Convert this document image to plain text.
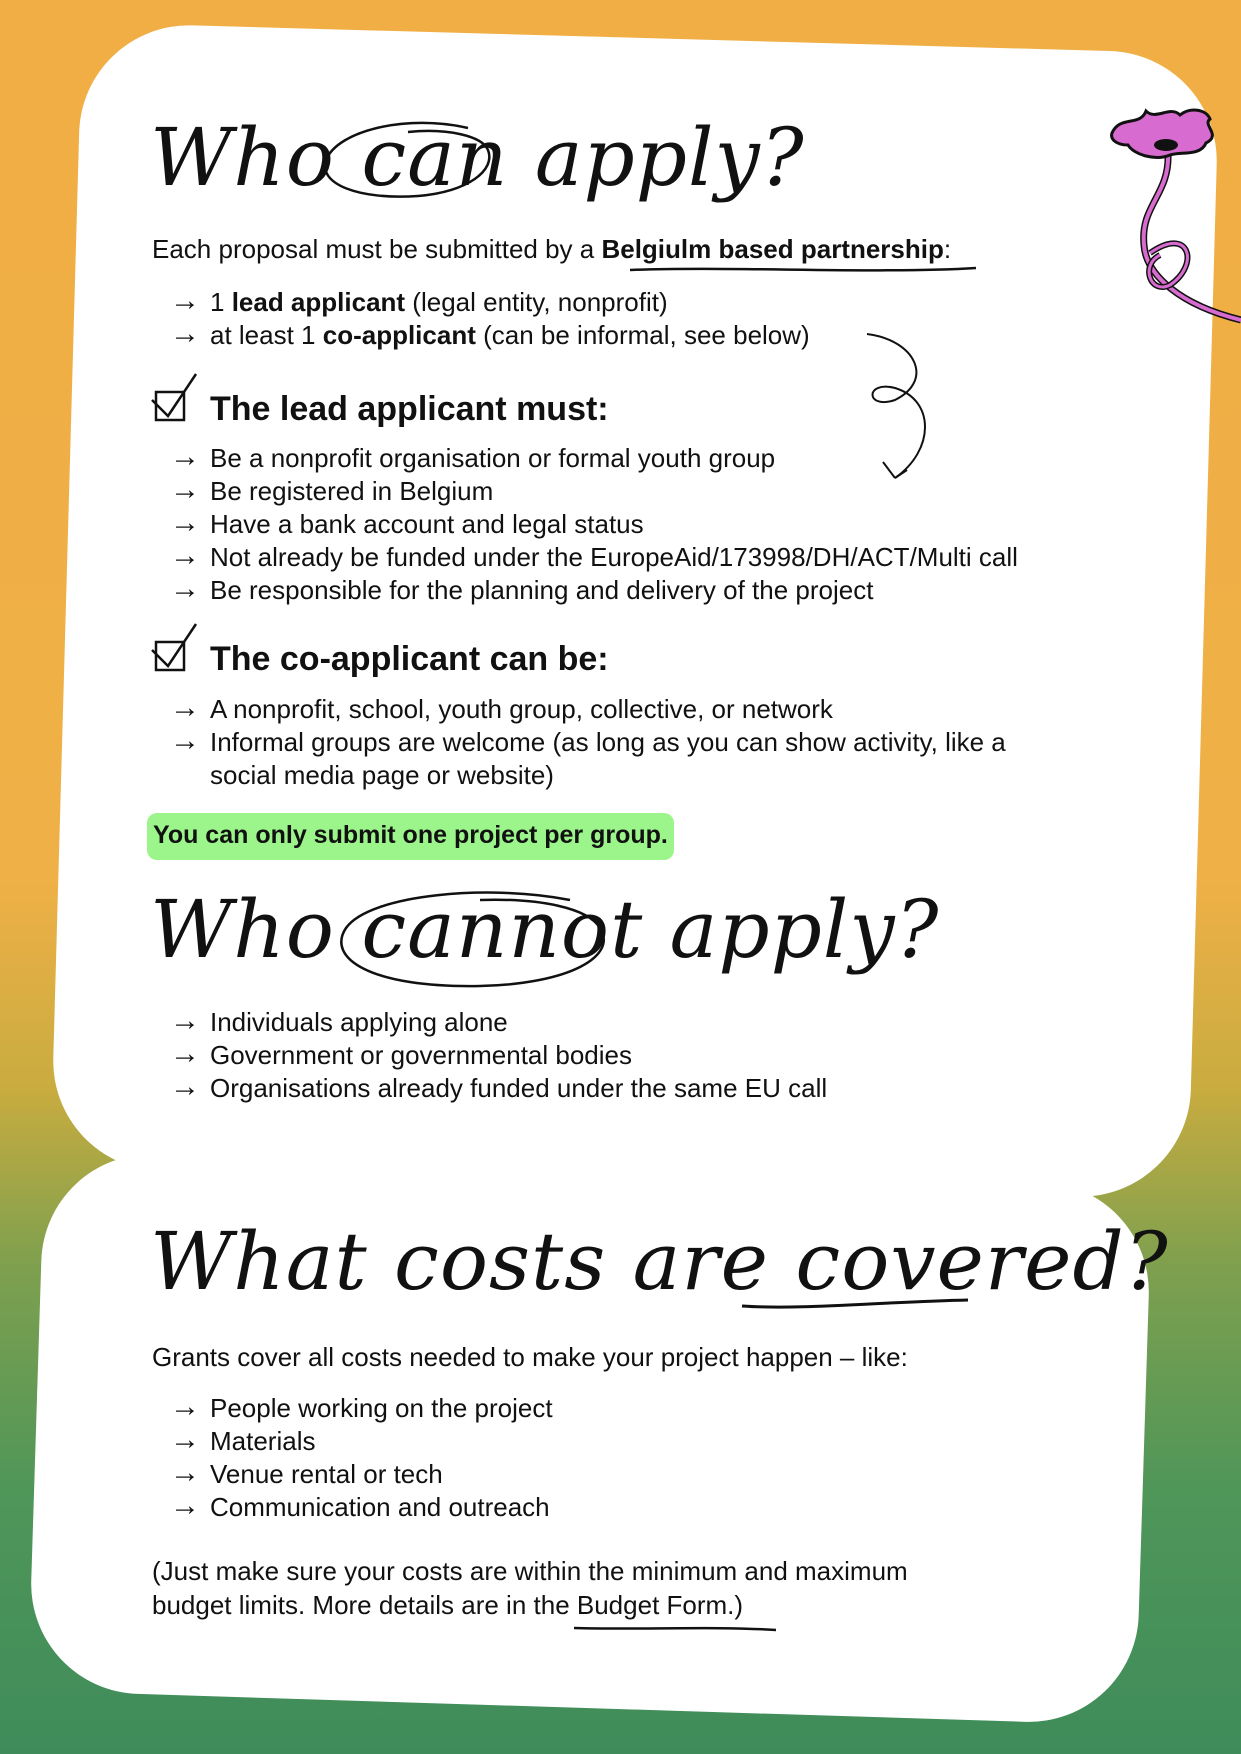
Who can apply?

Each proposal must be submitted by a Belgiulm based partnership:

→ 1 lead applicant (legal entity, nonprofit)
→ at least 1 co-applicant (can be informal, see below)
The lead applicant must:
→ Be a nonprofit organisation or formal youth group
→ Be registered in Belgium
→ Have a bank account and legal status
→ Not already be funded under the EuropeAid/173998/DH/ACT/Multi call
→ Be responsible for the planning and delivery of the project
The co-applicant can be:
→ A nonprofit, school, youth group, collective, or network
→ Informal groups are welcome (as long as you can show activity, like a social media page or website)
You can only submit one project per group.
Who cannot apply?
→ Individuals applying alone
→ Government or governmental bodies
→ Organisations already funded under the same EU call
What costs are covered?

Grants cover all costs needed to make your project happen – like:

→ People working on the project
→ Materials
→ Venue rental or tech
→ Communication and outreach

(Just make sure your costs are within the minimum and maximum

budget limits. More details are in the Budget Form.)
